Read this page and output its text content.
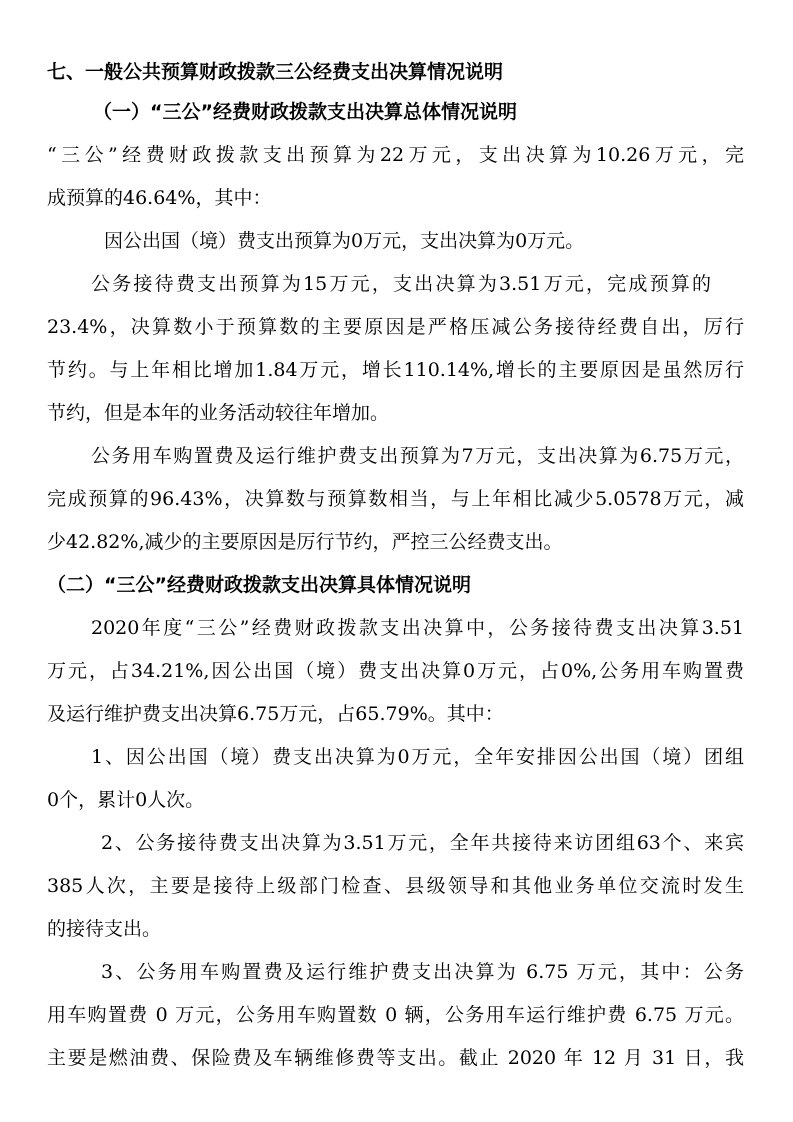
七、一般公共预算财政拨款三公经费支出决算情况说明
（一）“三公”经费财政拨款支出决算总体情况说明
“三公”经费财政拨款支出预算为22万元，支出决算为10.26万元，完
成预算的46.64%，其中：
因公出国（境）费支出预算为0万元，支出决算为0万元。
公务接待费支出预算为15万元，支出决算为3.51万元，完成预算的
23.4%，决算数小于预算数的主要原因是严格压减公务接待经费自出，厉行
节约。与上年相比增加1.84万元，增长110.14%,增长的主要原因是虽然厉行
节约，但是本年的业务活动较往年增加。
公务用车购置费及运行维护费支出预算为7万元，支出决算为6.75万元，
完成预算的96.43%，决算数与预算数相当，与上年相比减少5.0578万元，减
少42.82%,减少的主要原因是厉行节约，严控三公经费支出。
（二）“三公”经费财政拨款支出决算具体情况说明
2020年度“三公”经费财政拨款支出决算中，公务接待费支出决算3.51
万元，占34.21%,因公出国（境）费支出决算0万元，占0%,公务用车购置费
及运行维护费支出决算6.75万元，占65.79%。其中：
1、因公出国（境）费支出决算为0万元，全年安排因公出国（境）团组
0个，累计0人次。
2、公务接待费支出决算为3.51万元，全年共接待来访团组63个、来宾
385人次，主要是接待上级部门检查、县级领导和其他业务单位交流时发生
的接待支出。
3、公务用车购置费及运行维护费支出决算为 6.75 万元，其中：公务
用车购置费 0 万元，公务用车购置数 0 辆，公务用车运行维护费 6.75 万元。
主要是燃油费、保险费及车辆维修费等支出。截止 2020 年 12 月 31 日，我
